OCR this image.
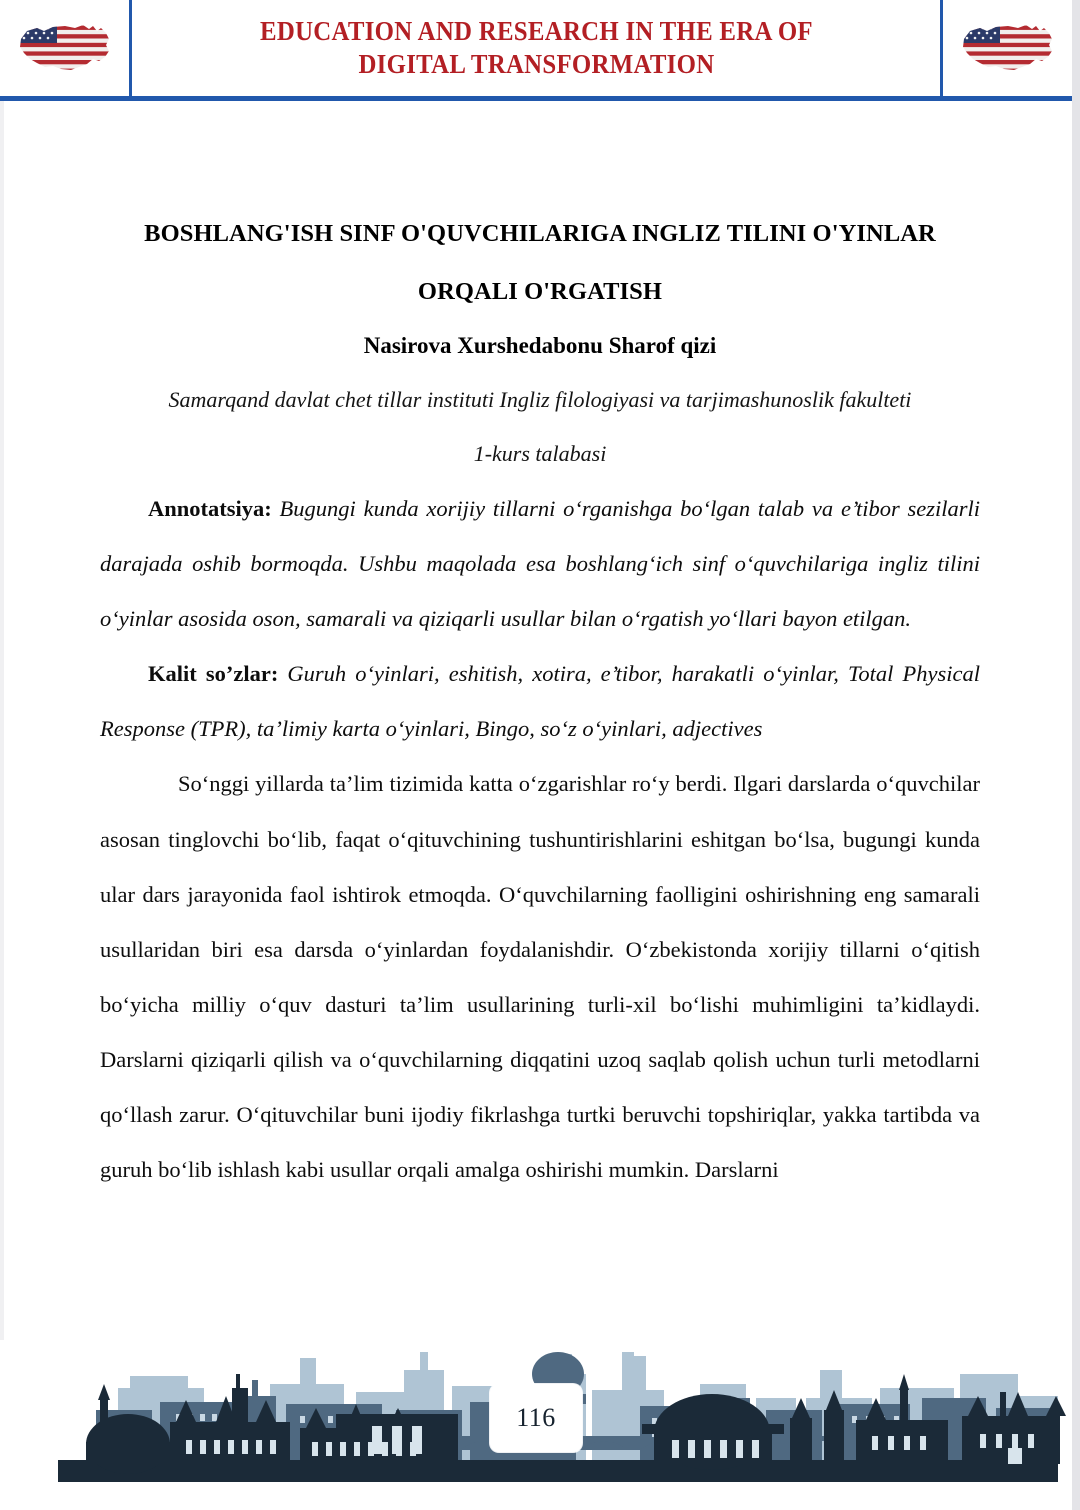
EDUCATION AND RESEARCH IN THE ERA OF
DIGITAL TRANSFORMATION
BOSHLANG'ISH SINF O'QUVCHILARIGA INGLIZ TILINI O'YINLAR
ORQALI O'RGATISH
Nasirova Xurshedabonu Sharof qizi
Samarqand davlat chet tillar instituti Ingliz filologiyasi va tarjimashunoslik fakulteti
1-kurs talabasi

Annotatsiya: Bugungi kunda xorijiy tillarni o‘rganishga bo‘lgan talab va e’tibor sezilarli darajada oshib bormoqda. Ushbu maqolada esa boshlang‘ich sinf o‘quvchilariga ingliz tilini o‘yinlar asosida oson, samarali va qiziqarli usullar bilan o‘rgatish yo‘llari bayon etilgan.

Kalit so’zlar: Guruh o‘yinlari, eshitish, xotira, e’tibor, harakatli o‘yinlar, Total Physical Response (TPR), ta’limiy karta o‘yinlari, Bingo, so‘z o‘yinlari, adjectives

So‘nggi yillarda ta’lim tizimida katta o‘zgarishlar ro‘y berdi. Ilgari darslarda o‘quvchilar asosan tinglovchi bo‘lib, faqat o‘qituvchining tushuntirishlarini eshitgan bo‘lsa, bugungi kunda ular dars jarayonida faol ishtirok etmoqda. O‘quvchilarning faolligini oshirishning eng samarali usullaridan biri esa darsda o‘yinlardan foydalanishdir. O‘zbekistonda xorijiy tillarni o‘qitish bo‘yicha milliy o‘quv dasturi ta’lim usullarining turli-xil bo‘lishi muhimligini ta’kidlaydi. Darslarni qiziqarli qilish va o‘quvchilarning diqqatini uzoq saqlab qolish uchun turli metodlarni qo‘llash zarur. O‘qituvchilar buni ijodiy fikrlashga turtki beruvchi topshiriqlar, yakka tartibda va guruh bo‘lib ishlash kabi usullar orqali amalga oshirishi mumkin. Darslarni

116
